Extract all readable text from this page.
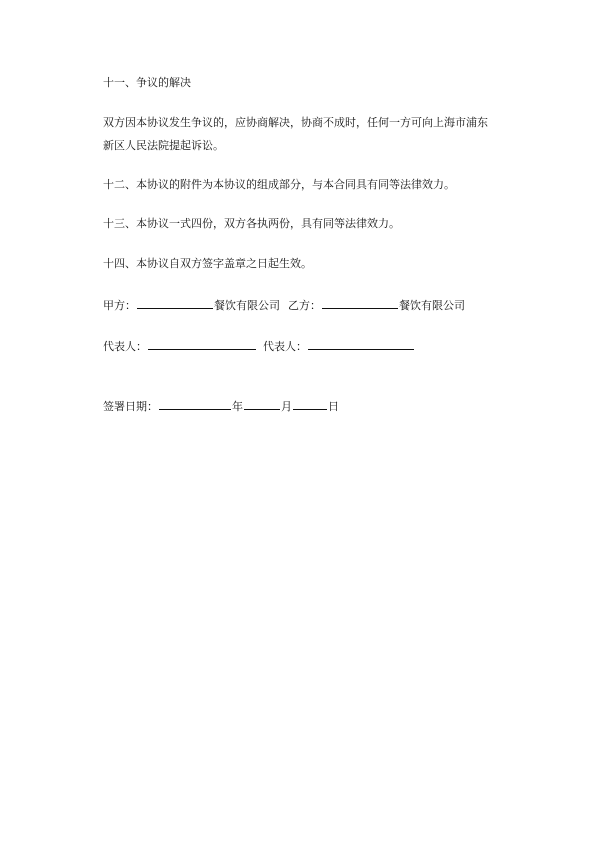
十一、争议的解决
双方因本协议发生争议的，应协商解决，协商不成时，任何一方可向上海市浦东
新区人民法院提起诉讼。
十二、本协议的附件为本协议的组成部分，与本合同具有同等法律效力。
十三、本协议一式四份，双方各执两份，具有同等法律效力。
十四、本协议自双方签字盖章之日起生效。
甲方：	餐饮有限公司 乙方：	餐饮有限公司
代表人：	代表人：
签署日期：	年	月	日
